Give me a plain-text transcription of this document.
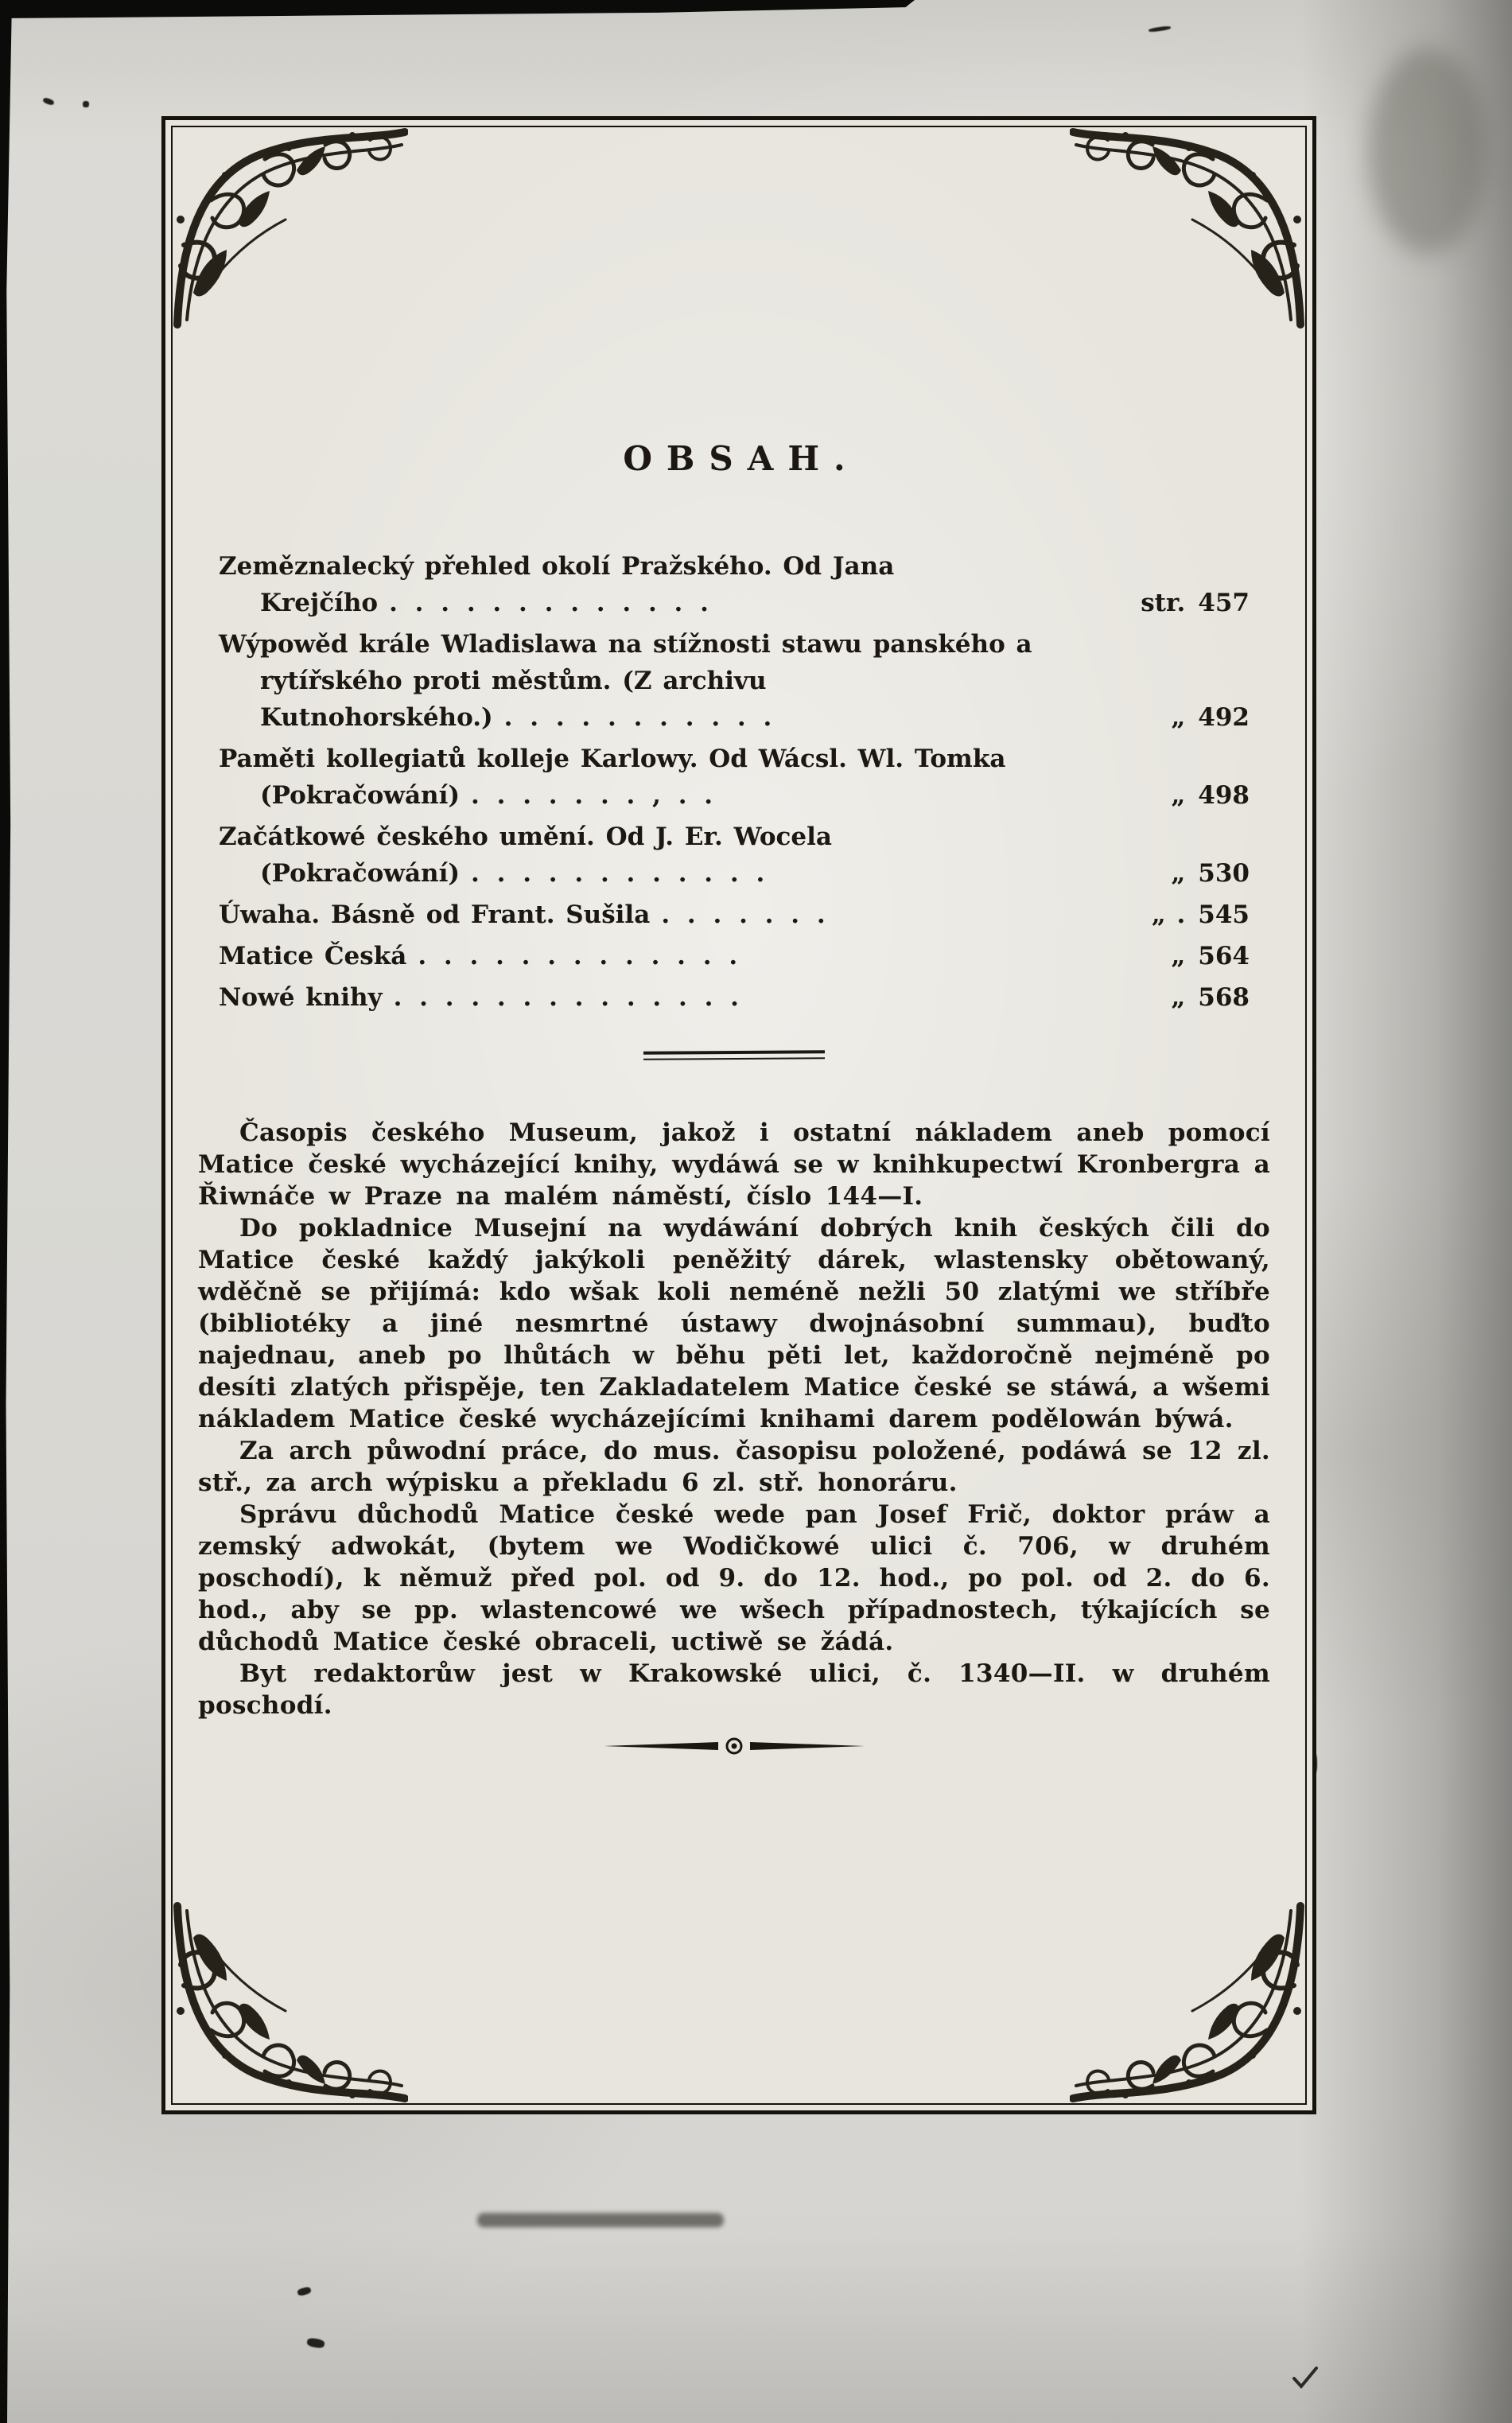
OBSAH.
Zeměznalecký přehled okolí Pražského. Od Jana Krejčího . . . . . . . . . . . . .	str. 457
Wýpowěd krále Wladislawa na stížnosti stawu panského a rytířského proti městům. (Z archivu Kutnohorského.) . . . . . . . . . . .	„ 492
Paměti kollegiatů kolleje Karlowy. Od Wácsl. Wl. Tomka (Pokračowání) . . . . . . . , . .	„ 498
Začátkowé českého umění. Od J. Er. Wocela (Pokračowání) . . . . . . . . . . . .	„ 530
Úwaha. Básně od Frant. Sušila . . . . . . .	„ . 545
Matice Česká . . . . . . . . . . . . .	„ 564
Nowé knihy . . . . . . . . . . . . . .	„ 568

Časopis českého Museum, jakož i ostatní nákladem aneb pomocí Matice české wycházející knihy, wydáwá se w knihkupectwí Kronbergra a Řiwnáče w Praze na malém náměstí, číslo 144—I.

Do pokladnice Musejní na wydáwání dobrých knih českých čili do Matice české každý jakýkoli peněžitý dárek, wlastensky obětowaný, wděčně se přijímá: kdo wšak koli neméně nežli 50 zlatými we stříbře (bibliotéky a jiné nesmrtné ústawy dwojnásobní summau), buďto najednau, aneb po lhůtách w běhu pěti let, každoročně nejméně po desíti zlatých přispěje, ten Zakladatelem Matice české se stáwá, a wšemi nákladem Matice české wycházejícími knihami darem podělowán býwá.

Za arch půwodní práce, do mus. časopisu položené, podáwá se 12 zl. stř., za arch wýpisku a překladu 6 zl. stř. honoráru.

Správu důchodů Matice české wede pan Josef Frič, doktor práw a zemský adwokát, (bytem we Wodičkowé ulici č. 706, w druhém poschodí), k němuž před pol. od 9. do 12. hod., po pol. od 2. do 6. hod., aby se pp. wlastencowé we wšech případnostech, týkajících se důchodů Matice české obraceli, uctiwě se žádá.

Byt redaktorůw jest w Krakowské ulici, č. 1340—II. w druhém poschodí.
